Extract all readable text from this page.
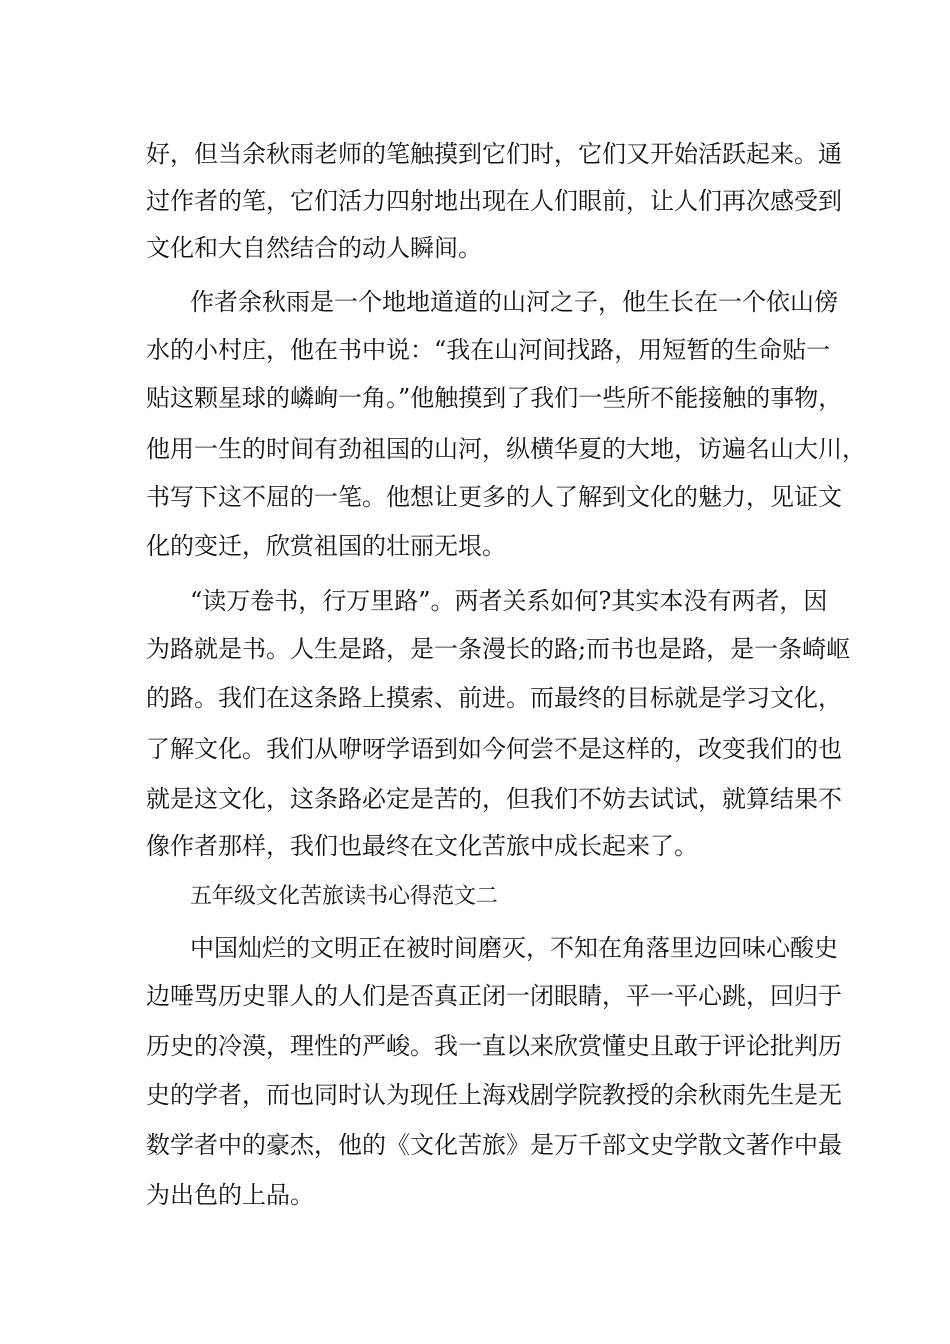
好，但当余秋雨老师的笔触摸到它们时，它们又开始活跃起来。通

过作者的笔，它们活力四射地出现在人们眼前，让人们再次感受到

文化和大自然结合的动人瞬间。

作者余秋雨是一个地地道道的山河之子，他生长在一个依山傍

水的小村庄，他在书中说：“我在山河间找路，用短暂的生命贴一

贴这颗星球的嶙峋一角。”他触摸到了我们一些所不能接触的事物，

他用一生的时间有劲祖国的山河，纵横华夏的大地，访遍名山大川，

书写下这不屈的一笔。他想让更多的人了解到文化的魅力，见证文

化的变迁，欣赏祖国的壮丽无垠。

“读万卷书，行万里路”。两者关系如何?其实本没有两者，因

为路就是书。人生是路，是一条漫长的路;而书也是路，是一条崎岖

的路。我们在这条路上摸索、前进。而最终的目标就是学习文化，

了解文化。我们从咿呀学语到如今何尝不是这样的，改变我们的也

就是这文化，这条路必定是苦的，但我们不妨去试试，就算结果不

像作者那样，我们也最终在文化苦旅中成长起来了。

五年级文化苦旅读书心得范文二

中国灿烂的文明正在被时间磨灭，不知在角落里边回味心酸史

边唾骂历史罪人的人们是否真正闭一闭眼睛，平一平心跳，回归于

历史的冷漠，理性的严峻。我一直以来欣赏懂史且敢于评论批判历

史的学者，而也同时认为现任上海戏剧学院教授的余秋雨先生是无

数学者中的豪杰，他的《文化苦旅》是万千部文史学散文著作中最

为出色的上品。
